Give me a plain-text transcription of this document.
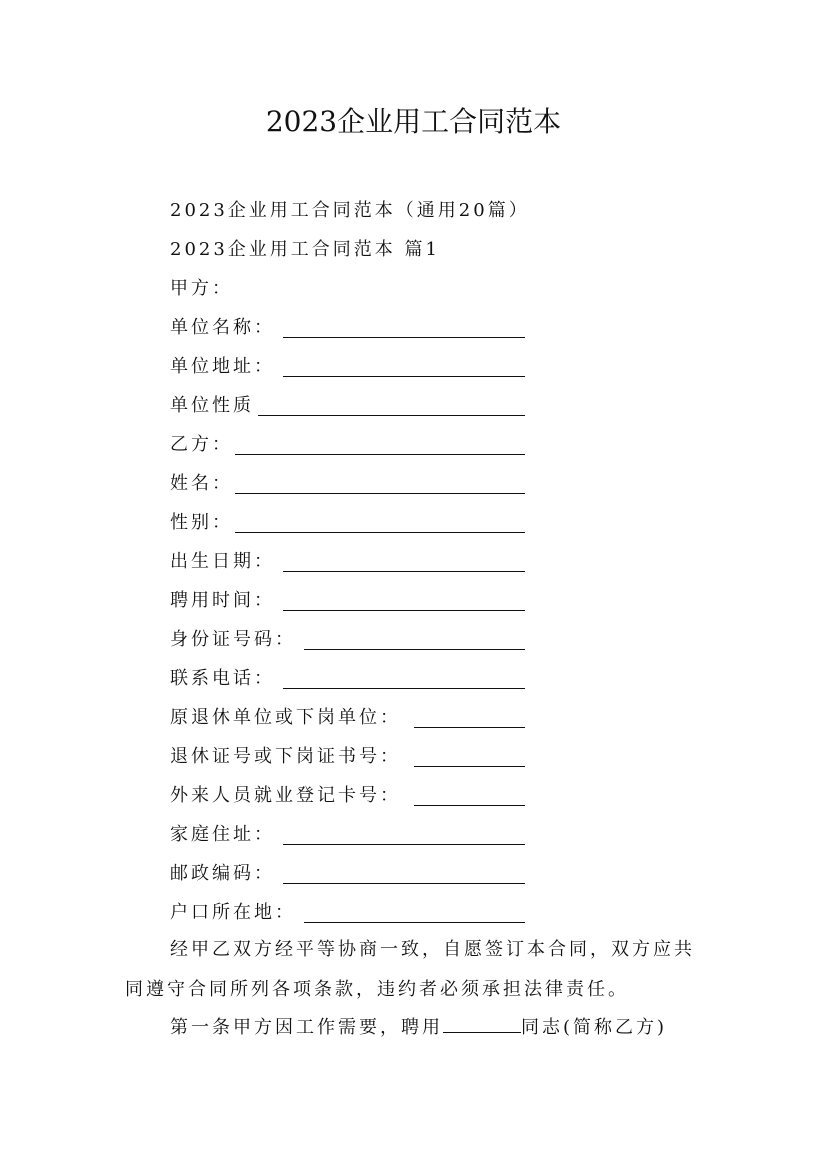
2023企业用工合同范本
2023企业用工合同范本（通用20篇）
2023企业用工合同范本 篇1
甲方：
单位名称：
单位地址：
单位性质
乙方：
姓名：
性别：
出生日期：
聘用时间：
身份证号码：
联系电话：
原退休单位或下岗单位：
退休证号或下岗证书号：
外来人员就业登记卡号：
家庭住址：
邮政编码：
户口所在地：
经甲乙双方经平等协商一致，自愿签订本合同，双方应共同遵守合同所列各项条款，违约者必须承担法律责任。
第一条甲方因工作需要，聘用	同志(简称乙方)
